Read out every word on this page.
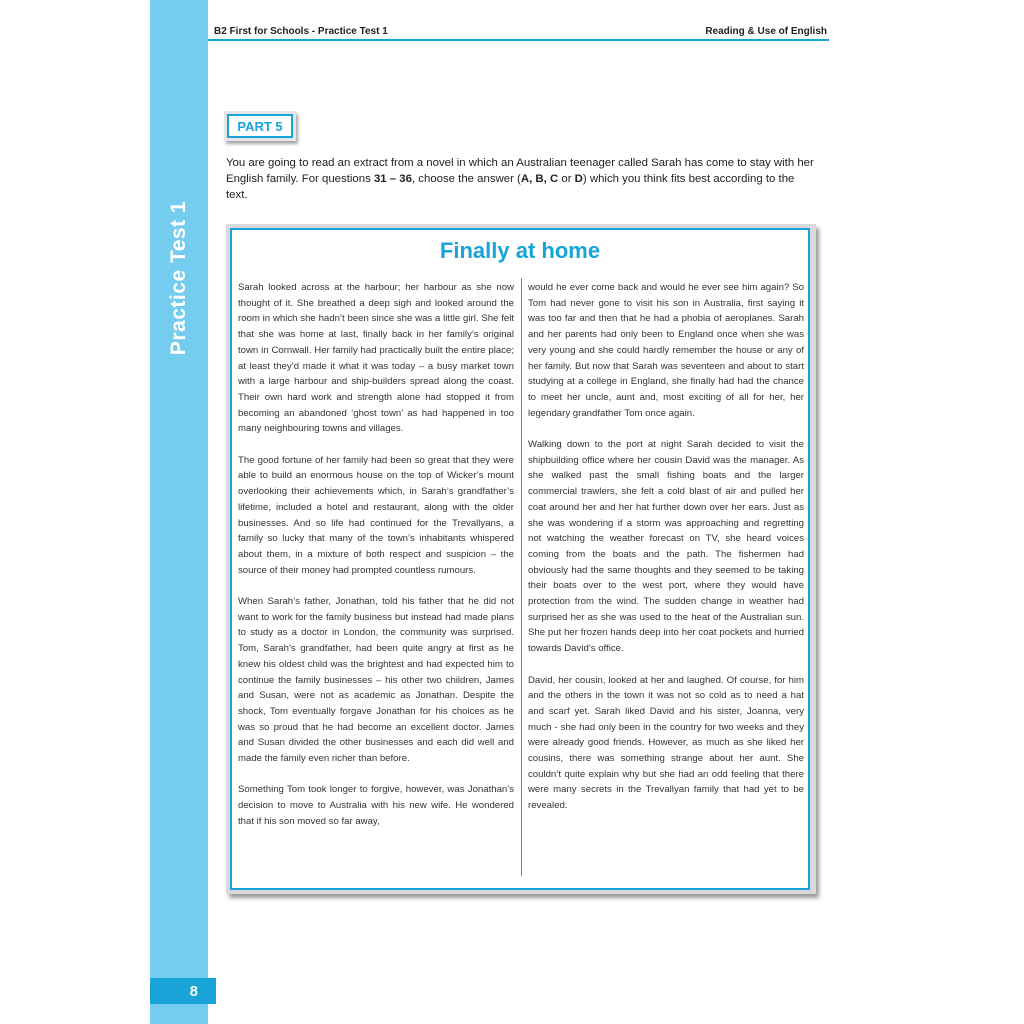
Practice Test 1
8
B2 First for Schools - Practice Test 1	Reading & Use of English
PART 5
You are going to read an extract from a novel in which an Australian teenager called Sarah has come to stay with her English family. For questions 31 – 36, choose the answer (A, B, C or D) which you think fits best according to the text.
Finally at home

Sarah looked across at the harbour; her harbour as she now thought of it. She breathed a deep sigh and looked around the room in which she hadn’t been since she was a little girl. She felt that she was home at last, finally back in her family’s original town in Cornwall. Her family had practically built the entire place; at least they’d made it what it was today – a busy market town with a large harbour and ship-builders spread along the coast. Their own hard work and strength alone had stopped it from becoming an abandoned ‘ghost town’ as had happened in too many neighbouring towns and villages.

The good fortune of her family had been so great that they were able to build an enormous house on the top of Wicker’s mount overlooking their achievements which, in Sarah’s grandfather’s lifetime, included a hotel and restaurant, along with the older businesses. And so life had continued for the Trevallyans, a family so lucky that many of the town’s inhabitants whispered about them, in a mixture of both respect and suspicion – the source of their money had prompted countless rumours.

When Sarah’s father, Jonathan, told his father that he did not want to work for the family business but instead had made plans to study as a doctor in London, the community was surprised. Tom, Sarah’s grandfather, had been quite angry at first as he knew his oldest child was the brightest and had expected him to continue the family businesses – his other two children, James and Susan, were not as academic as Jonathan. Despite the shock, Tom eventually forgave Jonathan for his choices as he was so proud that he had become an excellent doctor. James and Susan divided the other businesses and each did well and made the family even richer than before.

Something Tom took longer to forgive, however, was Jonathan’s decision to move to Australia with his new wife. He wondered that if his son moved so far away,

would he ever come back and would he ever see him again? So Tom had never gone to visit his son in Australia, first saying it was too far and then that he had a phobia of aeroplanes. Sarah and her parents had only been to England once when she was very young and she could hardly remember the house or any of her family. But now that Sarah was seventeen and about to start studying at a college in England, she finally had had the chance to meet her uncle, aunt and, most exciting of all for her, her legendary grandfather Tom once again.

Walking down to the port at night Sarah decided to visit the shipbuilding office where her cousin David was the manager. As she walked past the small fishing boats and the larger commercial trawlers, she felt a cold blast of air and pulled her coat around her and her hat further down over her ears. Just as she was wondering if a storm was approaching and regretting not watching the weather forecast on TV, she heard voices coming from the boats and the path. The fishermen had obviously had the same thoughts and they seemed to be taking their boats over to the west port, where they would have protection from the wind. The sudden change in weather had surprised her as she was used to the heat of the Australian sun. She put her frozen hands deep into her coat pockets and hurried towards David’s office.

David, her cousin, looked at her and laughed. Of course, for him and the others in the town it was not so cold as to need a hat and scarf yet. Sarah liked David and his sister, Joanna, very much - she had only been in the country for two weeks and they were already good friends. However, as much as she liked her cousins, there was something strange about her aunt. She couldn’t quite explain why but she had an odd feeling that there were many secrets in the Trevallyan family that had yet to be revealed.
